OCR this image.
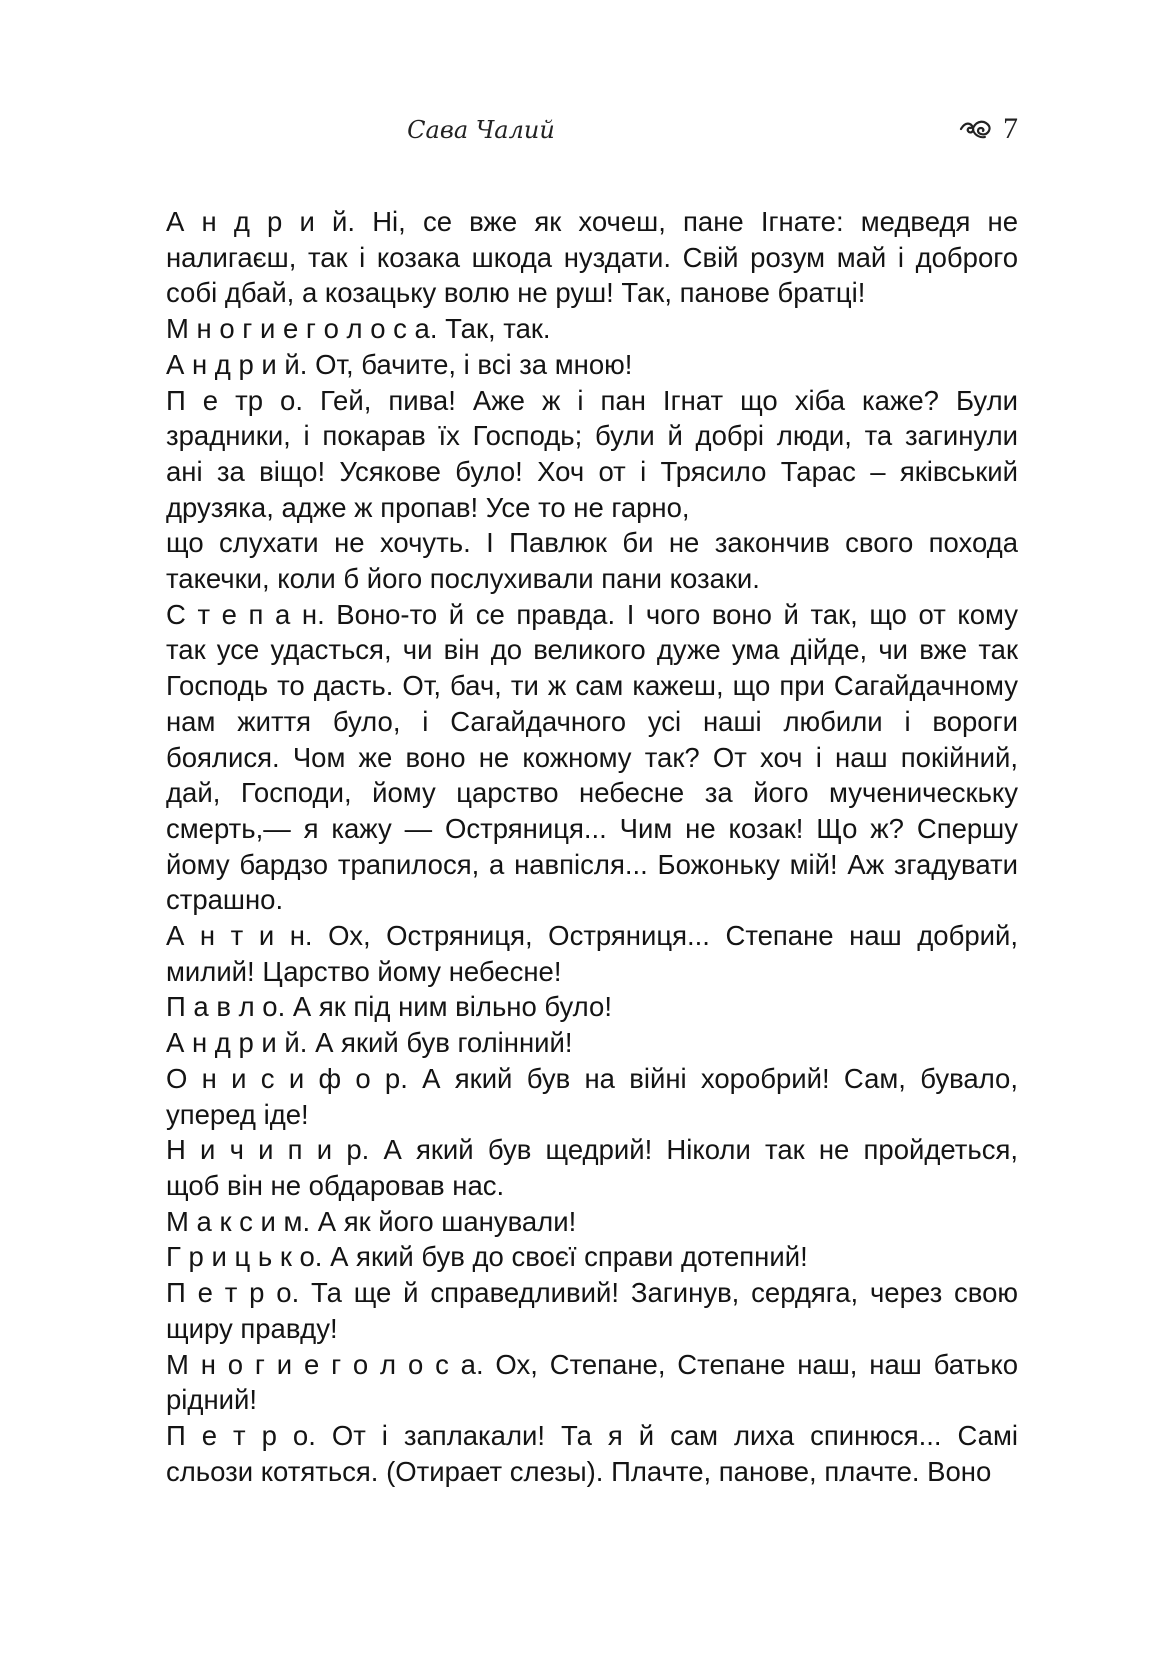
Сава Чалий	7
А н д р и й. Ні, се вже як хочеш, пане Ігнате: медведя не
налигаєш, так і козака шкода нуздати. Свій розум май і доброго
собі дбай, а козацьку волю не руш! Так, панове братці!
М н о г и е г о л о с а. Так, так.
А н д р и й. От, бачите, і всі за мною!
П е тр о. Гей, пива! Аже ж і пан Ігнат що хіба каже? Були
зрадники, і покарав їх Господь; були й добрі люди, та загинули
ані за віщо! Усякове було! Хоч от і Трясило Тарас – яківський
друзяка, адже ж пропав! Усе то не гарно,
що слухати не хочуть. І Павлюк би не закончив свого похода
такечки, коли б його послухивали пани козаки.
С т е п а н. Воно-то й се правда. І чого воно й так, що от кому
так усе удасться, чи він до великого дуже ума дійде, чи вже так
Господь то дасть. От, бач, ти ж сам кажеш, що при Сагайдачному
нам життя було, і Сагайдачного усі наші любили і вороги
боялися. Чом же воно не кожному так? От хоч і наш покійний,
дай, Господи, йому царство небесне за його мученическьку
смерть,— я кажу — Остряниця... Чим не козак! Що ж? Спершу
йому бардзо трапилося, а навпісля... Божоньку мій! Аж згадувати
страшно.
А н т и н. Ох, Остряниця, Остряниця... Степане наш добрий,
милий! Царство йому небесне!
П а в л о. А як під ним вільно було!
А н д р и й. А який був голінний!
О н и с и ф о р. А який був на війні хоробрий! Сам, бувало,
уперед іде!
Н и ч и п и р. А який був щедрий! Ніколи так не пройдеться,
щоб він не обдаровав нас.
М а к с и м. А як його шанували!
Г р и ц ь к о. А який був до своєї справи дотепний!
П е т р о. Та ще й справедливий! Загинув, сердяга, через свою
щиру правду!
М н о г и е г о л о с а. Ох, Степане, Степане наш, наш батько
рідний!
П е т р о. От і заплакали! Та я й сам лиха спинюся... Самі
сльози котяться. (Отирает слезы). Плачте, панове, плачте. Воно
